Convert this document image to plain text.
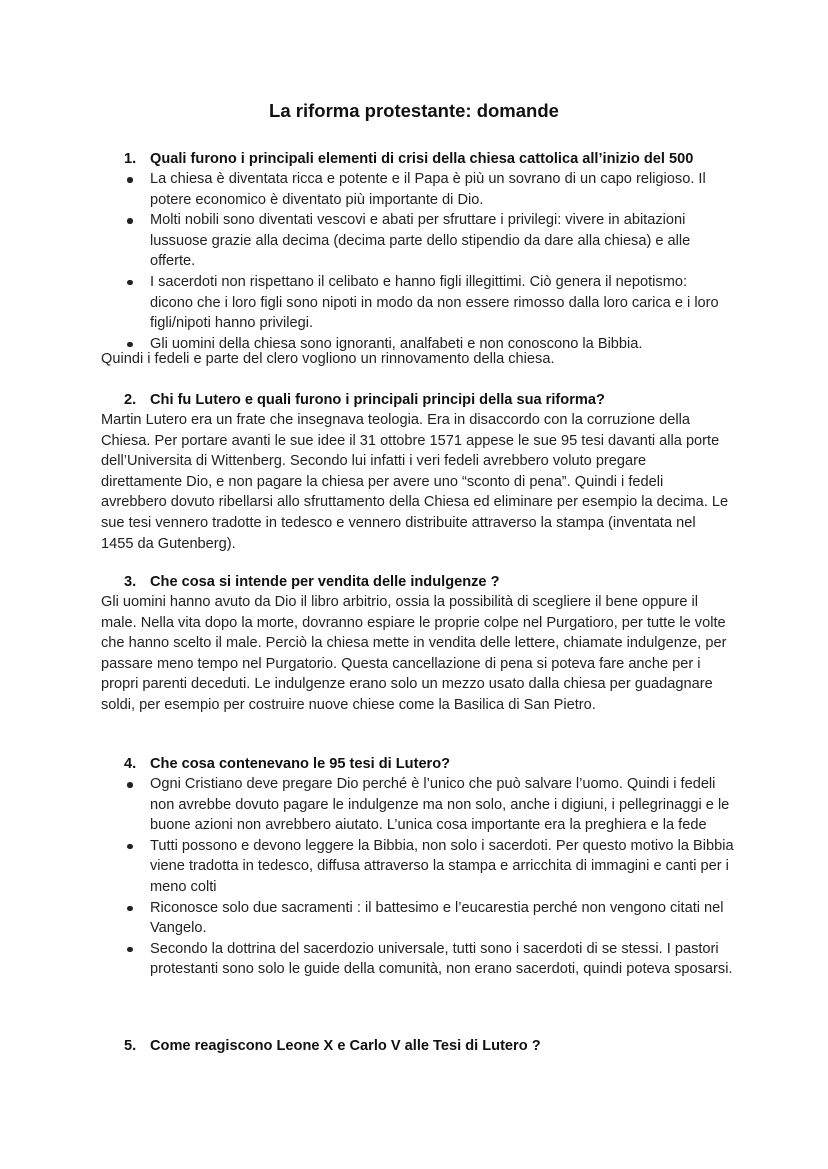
La riforma protestante: domande
1. Quali furono i principali elementi di crisi della chiesa cattolica all’inizio del 500
La chiesa è diventata ricca e potente e il Papa è più un sovrano di un capo religioso. Il potere economico è diventato più importante di Dio.
Molti nobili sono diventati vescovi e abati per sfruttare i privilegi: vivere in abitazioni lussuose grazie alla decima (decima parte dello stipendio da dare alla chiesa) e alle offerte.
I sacerdoti non rispettano il celibato e hanno figli illegittimi. Ciò genera il nepotismo: dicono che i loro figli sono nipoti in modo da non essere rimosso dalla loro carica e i loro figli/nipoti hanno privilegi.
Gli uomini della chiesa sono ignoranti, analfabeti e non conoscono la Bibbia.

Quindi i fedeli e parte del clero vogliono un rinnovamento della chiesa.

2. Chi fu Lutero e quali furono i principali principi della sua riforma?

Martin Lutero era un frate che insegnava teologia. Era in disaccordo con la corruzione della Chiesa. Per portare avanti le sue idee il 31 ottobre 1571 appese le sue 95 tesi davanti alla porte dell’Universita di Wittenberg. Secondo lui infatti i veri fedeli avrebbero voluto pregare direttamente Dio, e non pagare la chiesa per avere uno “sconto di pena”. Quindi i fedeli avrebbero dovuto ribellarsi allo sfruttamento della Chiesa ed eliminare per esempio la decima. Le sue tesi vennero tradotte in tedesco e vennero distribuite attraverso la stampa (inventata nel 1455 da Gutenberg).

3. Che cosa si intende per vendita delle indulgenze ?

Gli uomini hanno avuto da Dio il libro arbitrio, ossia la possibilità di scegliere il bene oppure il male. Nella vita dopo la morte, dovranno espiare le proprie colpe nel Purgatioro, per tutte le volte che hanno scelto il male. Perciò la chiesa mette in vendita delle lettere, chiamate indulgenze, per passare meno tempo nel Purgatorio. Questa cancellazione di pena si poteva fare anche per i propri parenti deceduti. Le indulgenze erano solo un mezzo usato dalla chiesa per guadagnare soldi, per esempio per costruire nuove chiese come la Basilica di San Pietro.

4. Che cosa contenevano le 95 tesi di Lutero?
Ogni Cristiano deve pregare Dio perché è l’unico che può salvare l’uomo. Quindi i fedeli non avrebbe dovuto pagare le indulgenze ma non solo, anche i digiuni, i pellegrinaggi e le buone azioni non avrebbero aiutato. L’unica cosa importante era la preghiera e la fede
Tutti possono e devono leggere la Bibbia, non solo i sacerdoti. Per questo motivo la Bibbia viene tradotta in tedesco, diffusa attraverso la stampa e arricchita di immagini e canti per i meno colti
Riconosce solo due sacramenti : il battesimo e l’eucarestia perché non vengono citati nel Vangelo.
Secondo la dottrina del sacerdozio universale, tutti sono i sacerdoti di se stessi. I pastori protestanti sono solo le guide della comunità, non erano sacerdoti, quindi poteva sposarsi.
5. Come reagiscono Leone X e Carlo V alle Tesi di Lutero ?
